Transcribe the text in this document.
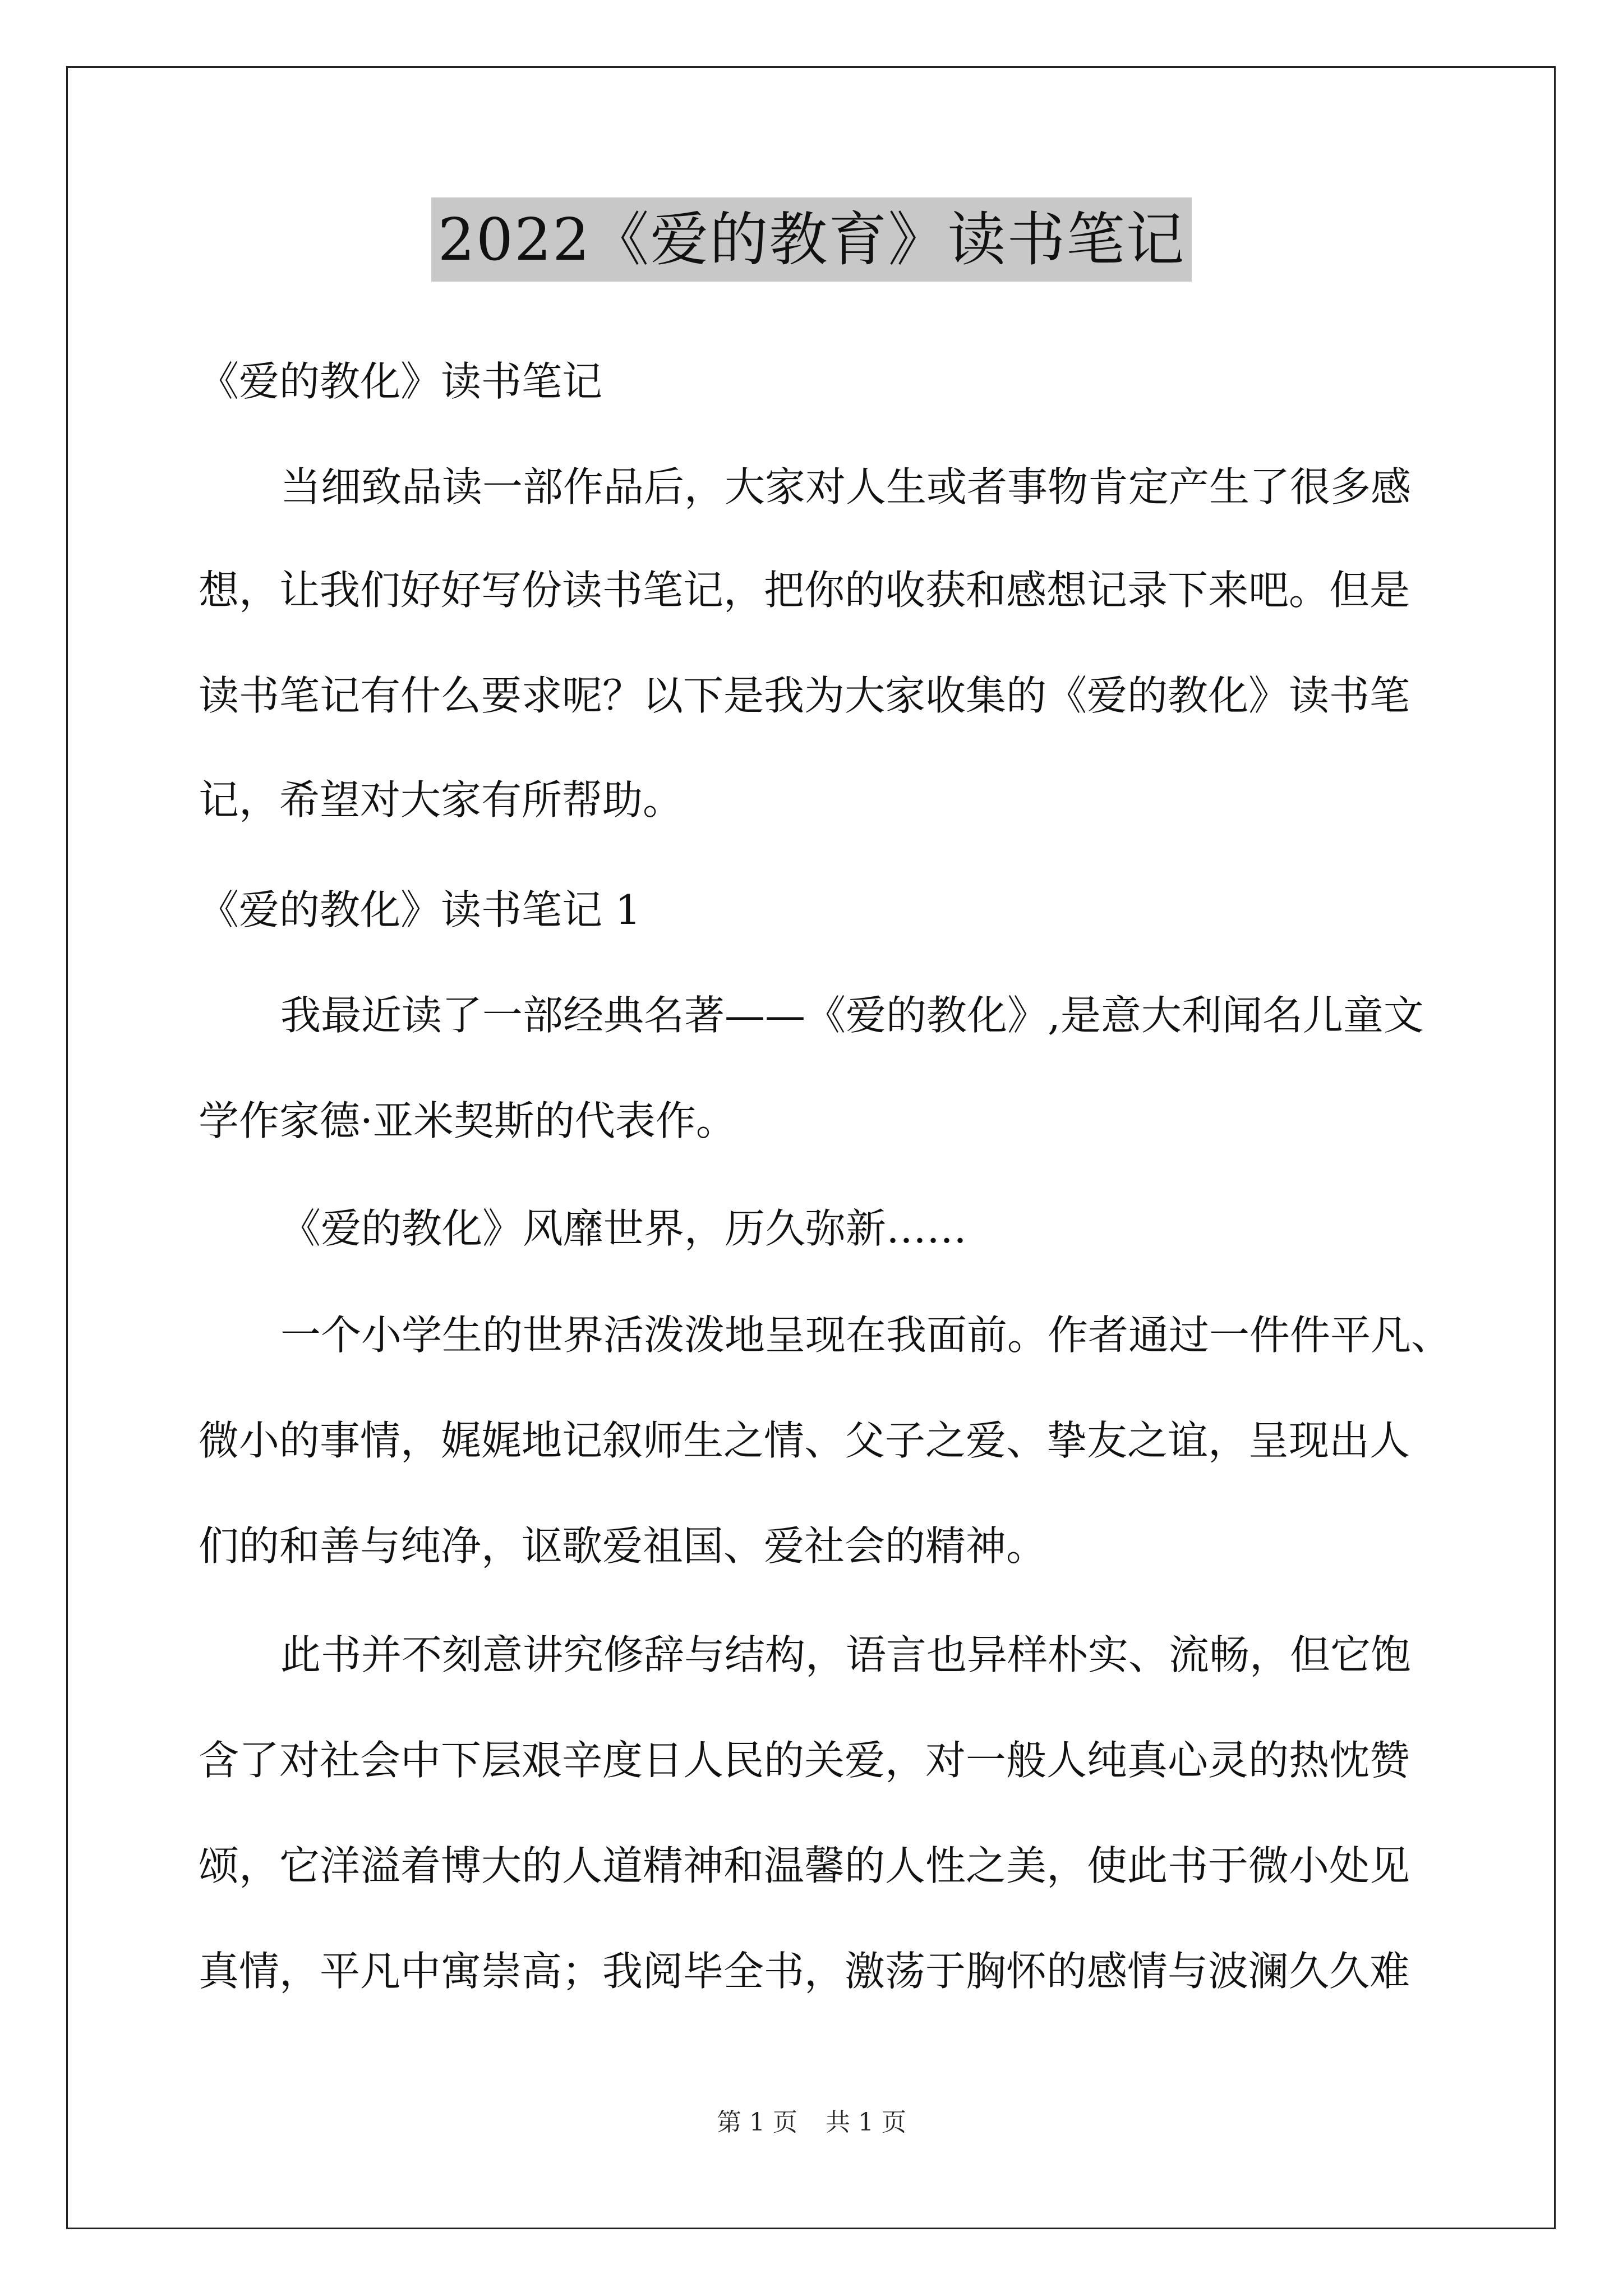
2022《爱的教育》读书笔记
《爱的教化》读书笔记
当细致品读一部作品后，大家对人生或者事物肯定产生了很多感
想，让我们好好写份读书笔记，把你的收获和感想记录下来吧。但是
读书笔记有什么要求呢？以下是我为大家收集的《爱的教化》读书笔
记，希望对大家有所帮助。
《爱的教化》读书笔记 1
我最近读了一部经典名著——《爱的教化》,是意大利闻名儿童文
学作家德·亚米契斯的代表作。
《爱的教化》风靡世界，历久弥新……
一个小学生的世界活泼泼地呈现在我面前。作者通过一件件平凡、
微小的事情，娓娓地记叙师生之情、父子之爱、挚友之谊，呈现出人
们的和善与纯净，讴歌爱祖国、爱社会的精神。
此书并不刻意讲究修辞与结构，语言也异样朴实、流畅，但它饱
含了对社会中下层艰辛度日人民的关爱，对一般人纯真心灵的热忱赞
颂，它洋溢着博大的人道精神和温馨的人性之美，使此书于微小处见
真情，平凡中寓崇高；我阅毕全书，激荡于胸怀的感情与波澜久久难
第 1 页 共 1 页
